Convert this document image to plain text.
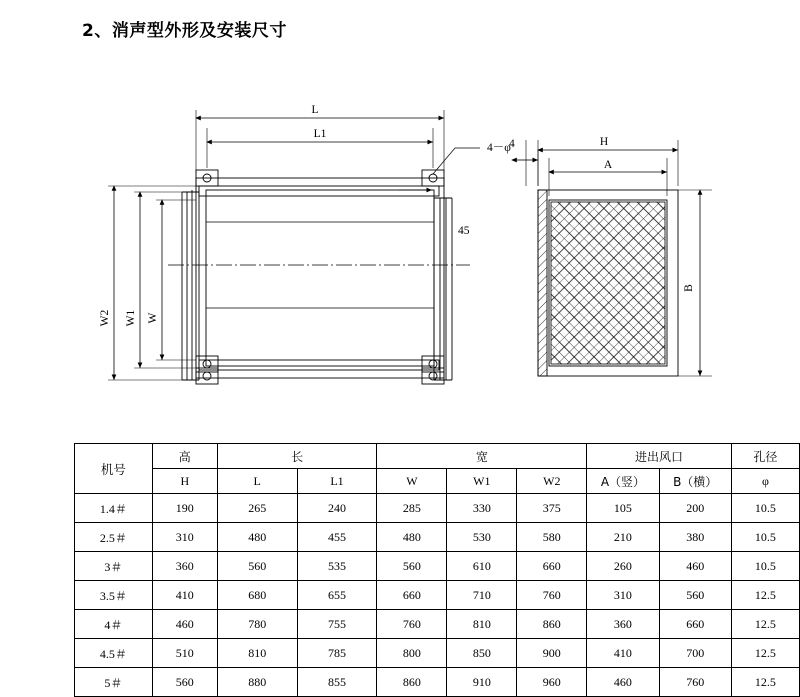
2、消声型外形及安装尺寸
L
L1
4－φ
45
W2 W1 W
4	H
A
B
机号	高	长		宽			进出风口		孔径
	H	L	L1	W	W1	W2	A（竖）	B（横）	φ
1.4＃	190	265	240	285	330	375	105	200	10.5
2.5＃	310	480	455	480	530	580	210	380	10.5
3＃	360	560	535	560	610	660	260	460	10.5
3.5＃	410	680	655	660	710	760	310	560	12.5
4＃	460	780	755	760	810	860	360	660	12.5
4.5＃	510	810	785	800	850	900	410	700	12.5
5＃	560	880	855	860	910	960	460	760	12.5
